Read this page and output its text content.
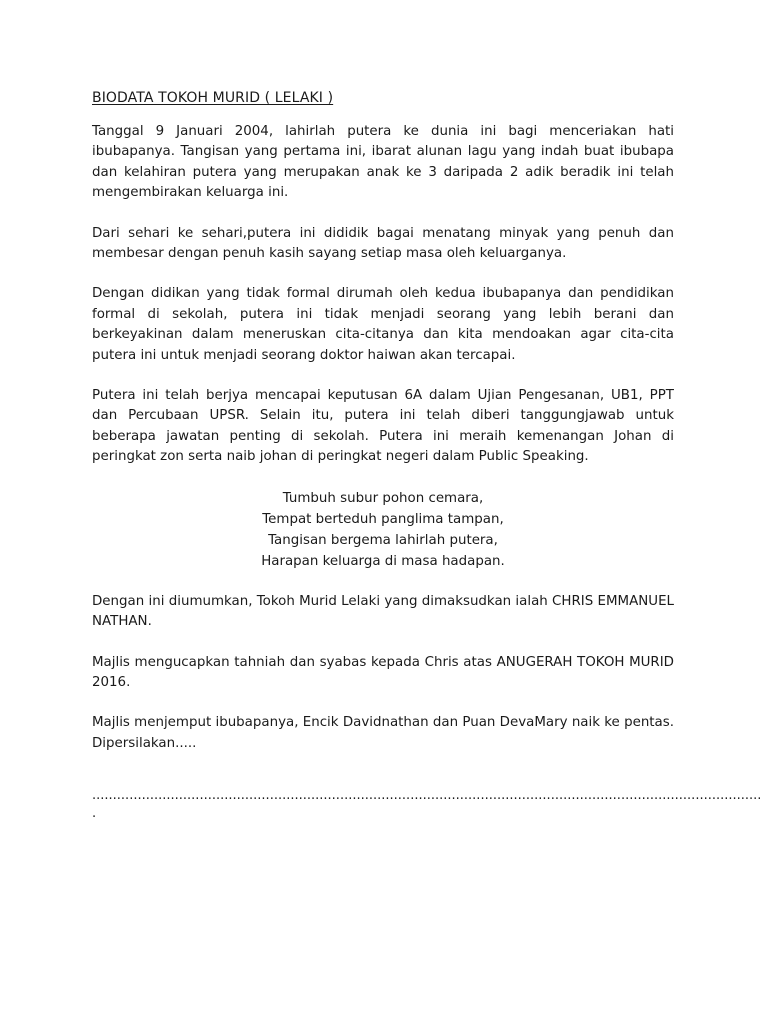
BIODATA TOKOH MURID ( LELAKI )

Tanggal 9 Januari 2004, lahirlah putera ke dunia ini bagi menceriakan hati ibubapanya. Tangisan yang pertama ini, ibarat alunan lagu yang indah buat ibubapa dan kelahiran putera yang merupakan anak ke 3 daripada 2 adik beradik ini telah mengembirakan keluarga ini.

Dari sehari ke sehari,putera ini dididik bagai menatang minyak yang penuh dan membesar dengan penuh kasih sayang setiap masa oleh keluarganya.

Dengan didikan yang tidak formal dirumah oleh kedua ibubapanya dan pendidikan formal di sekolah, putera ini tidak menjadi seorang yang lebih berani dan berkeyakinan dalam meneruskan cita-citanya dan kita mendoakan agar cita-cita putera ini untuk menjadi seorang doktor haiwan akan tercapai.

Putera ini telah berjya mencapai keputusan 6A dalam Ujian Pengesanan, UB1, PPT dan Percubaan UPSR. Selain itu, putera ini telah diberi tanggungjawab untuk beberapa jawatan penting di sekolah. Putera ini meraih kemenangan Johan di peringkat zon serta naib johan di peringkat negeri dalam Public Speaking.

Tumbuh subur pohon cemara,
Tempat berteduh panglima tampan,
Tangisan bergema lahirlah putera,
Harapan keluarga di masa hadapan.

Dengan ini diumumkan, Tokoh Murid Lelaki yang dimaksudkan ialah CHRIS EMMANUEL NATHAN.

Majlis mengucapkan tahniah dan syabas kepada Chris atas ANUGERAH TOKOH MURID 2016.

Majlis menjemput ibubapanya, Encik Davidnathan dan Puan DevaMary naik ke pentas. Dipersilakan.....

..................................................................................................................................................................
.
